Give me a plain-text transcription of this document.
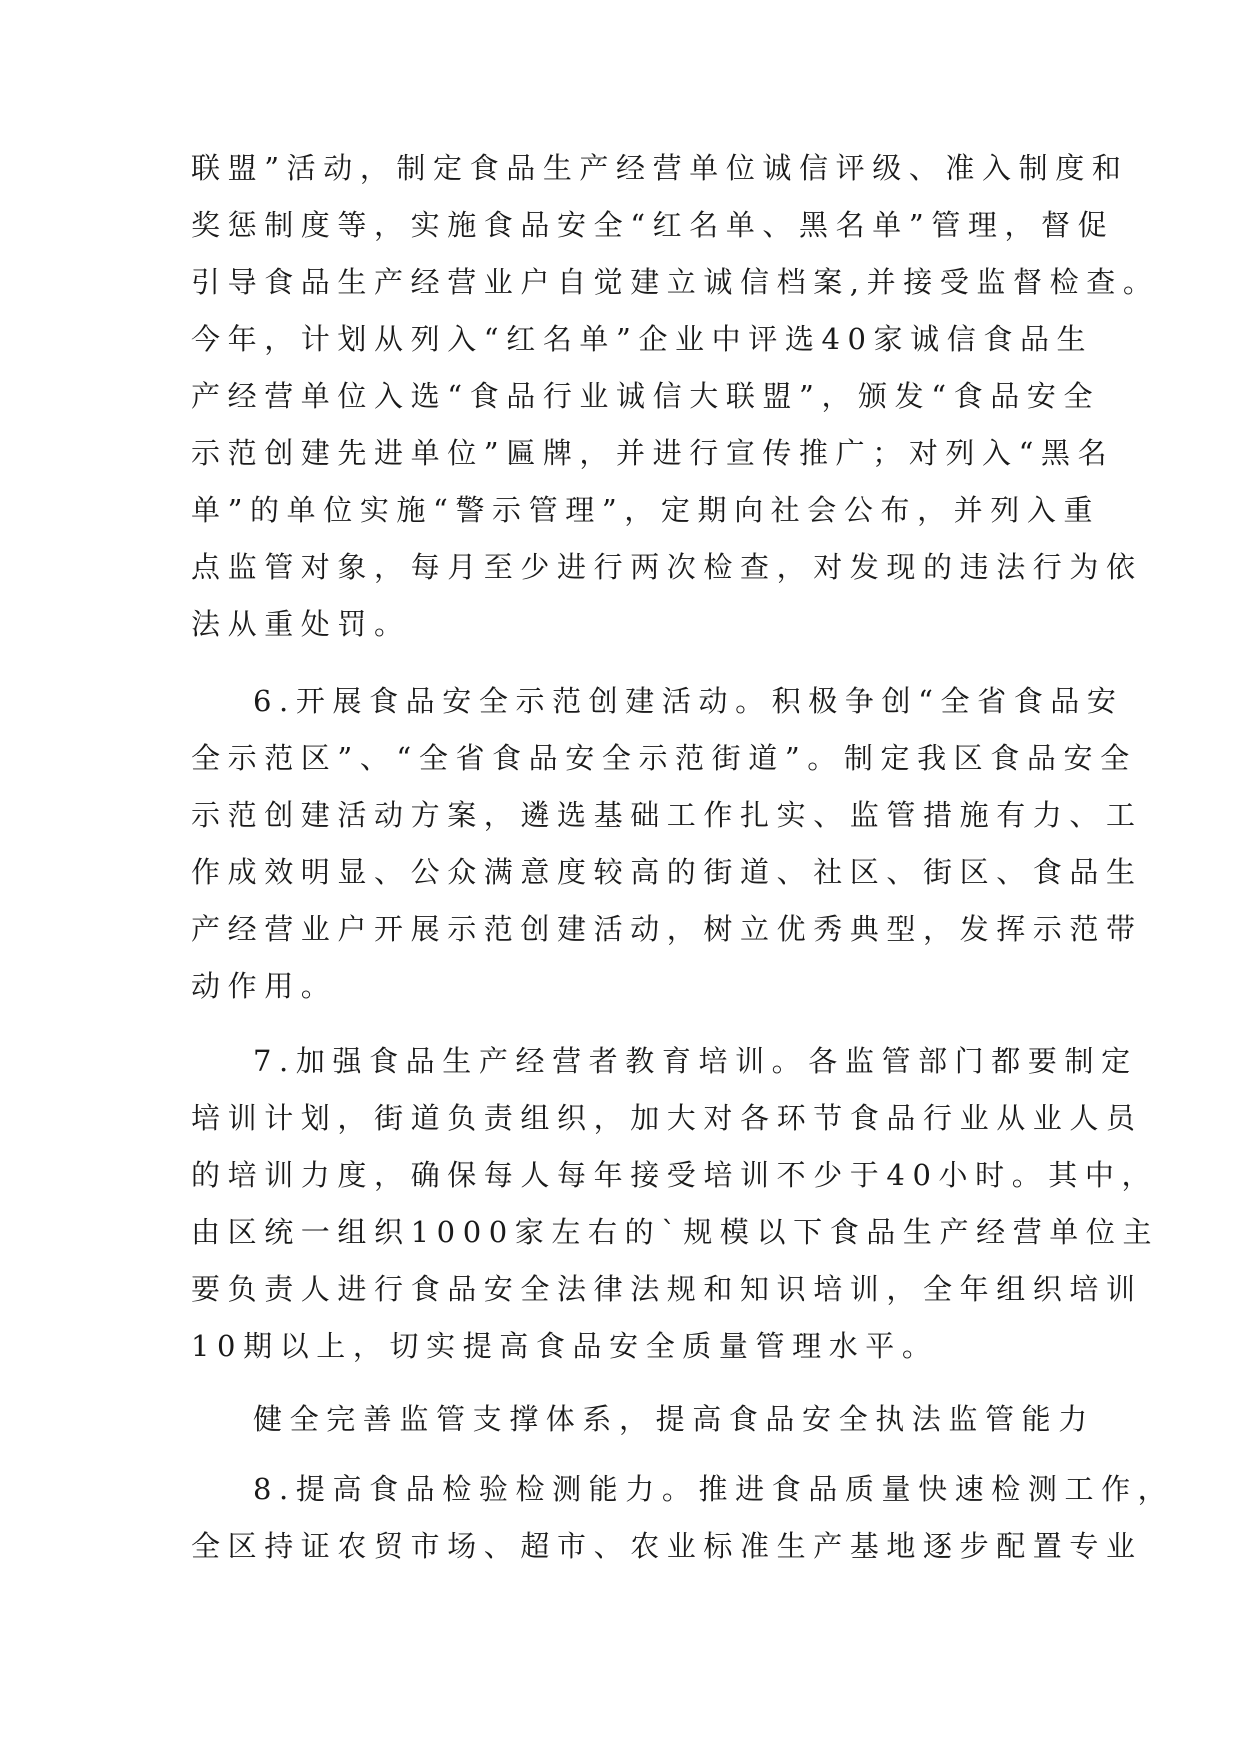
联盟”活动，制定食品生产经营单位诚信评级、准入制度和
奖惩制度等，实施食品安全“红名单、黑名单”管理，督促
引导食品生产经营业户自觉建立诚信档案,并接受监督检查。
今年，计划从列入“红名单”企业中评选40家诚信食品生
产经营单位入选“食品行业诚信大联盟”，颁发“食品安全
示范创建先进单位”匾牌，并进行宣传推广；对列入“黑名
单”的单位实施“警示管理”，定期向社会公布，并列入重
点监管对象，每月至少进行两次检查，对发现的违法行为依
法从重处罚。
6.开展食品安全示范创建活动。积极争创“全省食品安
全示范区”、“全省食品安全示范街道”。制定我区食品安全
示范创建活动方案，遴选基础工作扎实、监管措施有力、工
作成效明显、公众满意度较高的街道、社区、街区、食品生
产经营业户开展示范创建活动，树立优秀典型，发挥示范带
动作用。
7.加强食品生产经营者教育培训。各监管部门都要制定
培训计划，街道负责组织，加大对各环节食品行业从业人员
的培训力度，确保每人每年接受培训不少于40小时。其中，
由区统一组织1000家左右的`规模以下食品生产经营单位主
要负责人进行食品安全法律法规和知识培训，全年组织培训
10期以上，切实提高食品安全质量管理水平。
健全完善监管支撑体系，提高食品安全执法监管能力
8.提高食品检验检测能力。推进食品质量快速检测工作，
全区持证农贸市场、超市、农业标准生产基地逐步配置专业
